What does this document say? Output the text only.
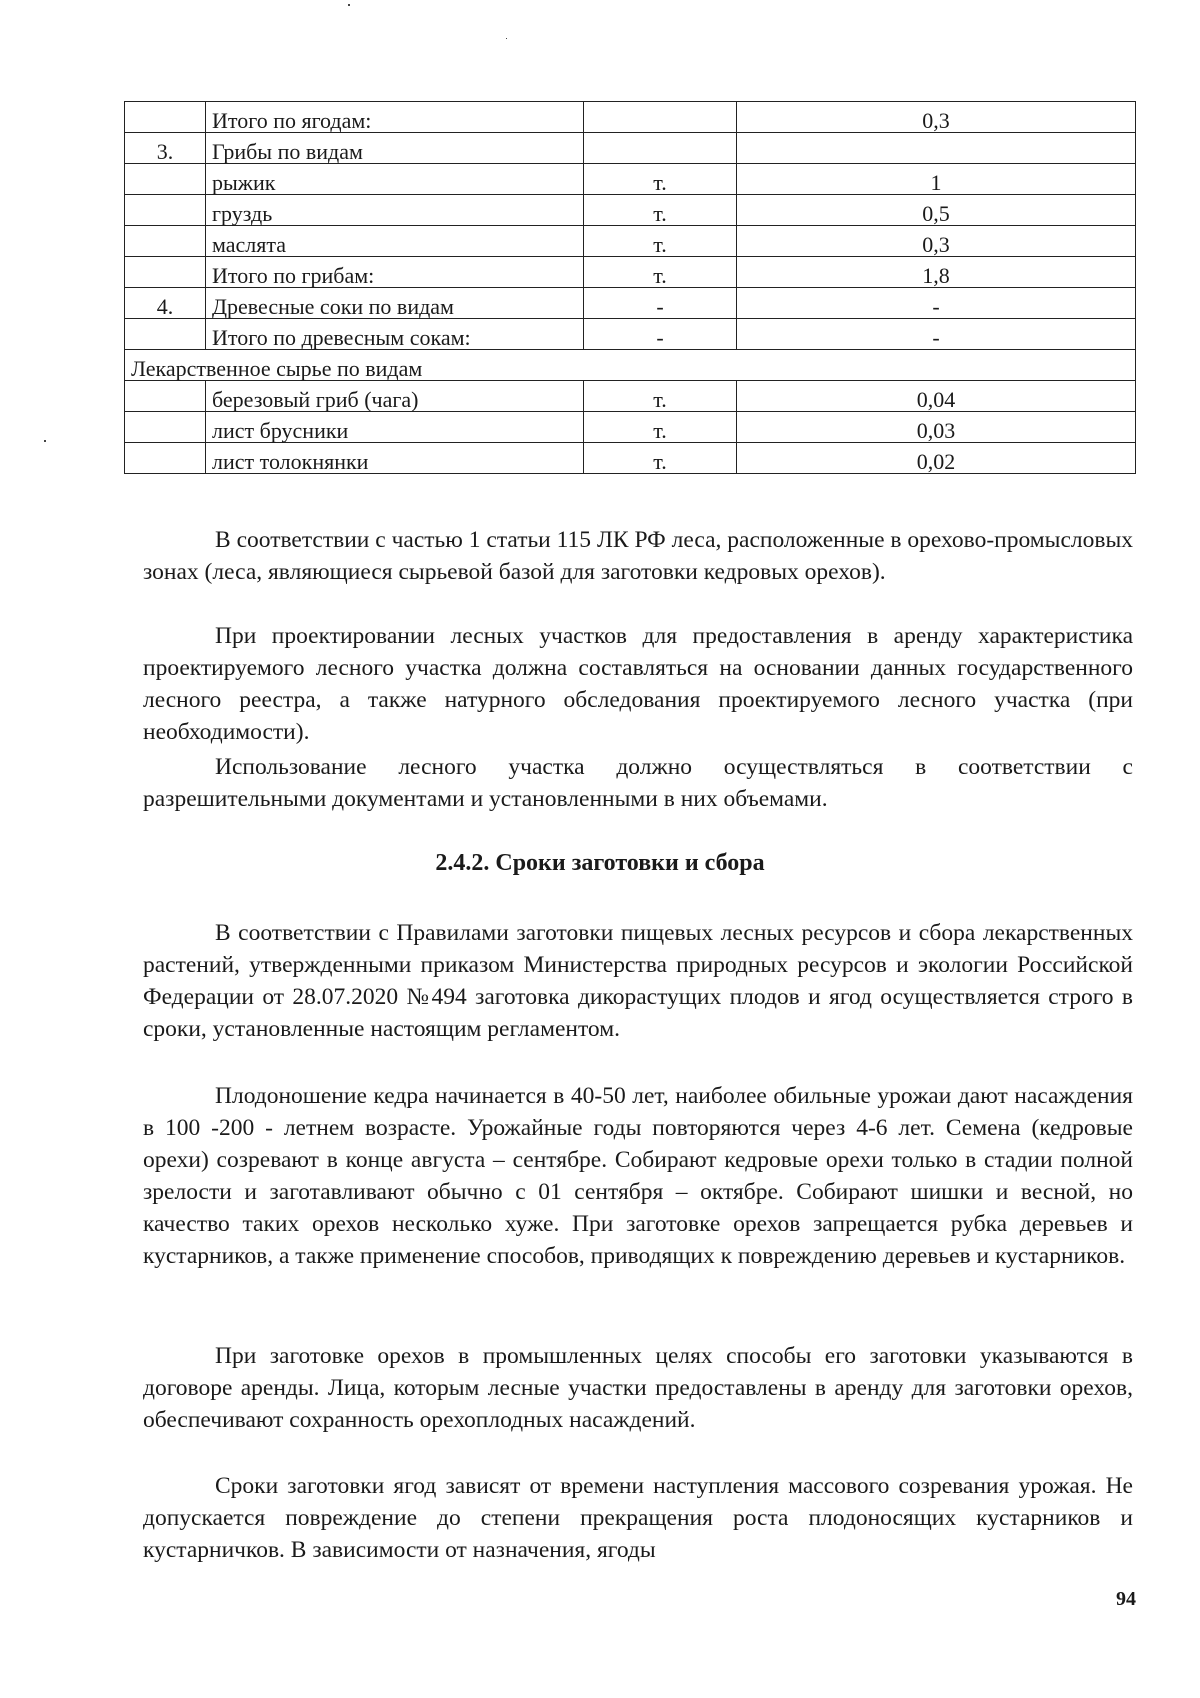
	Итого по ягодам:		0,3
3.	Грибы по видам		
	рыжик	т.	1
	груздь	т.	0,5
	маслята	т.	0,3
	Итого по грибам:	т.	1,8
4.	Древесные соки по видам	-	-
	Итого по древесным сокам:	-	-
Лекарственное сырье по видам			
	березовый гриб (чага)	т.	0,04
	лист брусники	т.	0,03
	лист толокнянки	т.	0,02

В соответствии с частью 1 статьи 115 ЛК РФ леса, расположенные в орехово-промысловых зонах (леса, являющиеся сырьевой базой для заготовки кедровых орехов).

При проектировании лесных участков для предоставления в аренду характеристика проектируемого лесного участка должна составляться на основании данных государственного лесного реестра, а также натурного обследования проектируемого лесного участка (при необходимости).

Использование лесного участка должно осуществляться в соответствии с разрешительными документами и установленными в них объемами.

2.4.2. Сроки заготовки и сбора

В соответствии с Правилами заготовки пищевых лесных ресурсов и сбора лекарственных растений, утвержденными приказом Министерства природных ресурсов и экологии Российской Федерации от 28.07.2020 №494 заготовка дикорастущих плодов и ягод осуществляется строго в сроки, установленные настоящим регламентом.

Плодоношение кедра начинается в 40-50 лет, наиболее обильные урожаи дают насаждения в 100 -200 - летнем возрасте. Урожайные годы повторяются через 4-6 лет. Семена (кедровые орехи) созревают в конце августа – сентябре. Собирают кедровые орехи только в стадии полной зрелости и заготавливают обычно с 01 сентября – октябре. Собирают шишки и весной, но качество таких орехов несколько хуже. При заготовке орехов запрещается рубка деревьев и кустарников, а также применение способов, приводящих к повреждению деревьев и кустарников.

При заготовке орехов в промышленных целях способы его заготовки указываются в договоре аренды. Лица, которым лесные участки предоставлены в аренду для заготовки орехов, обеспечивают сохранность орехоплодных насаждений.

Сроки заготовки ягод зависят от времени наступления массового созревания урожая. Не допускается повреждение до степени прекращения роста плодоносящих кустарников и кустарничков. В зависимости от назначения, ягоды

94
